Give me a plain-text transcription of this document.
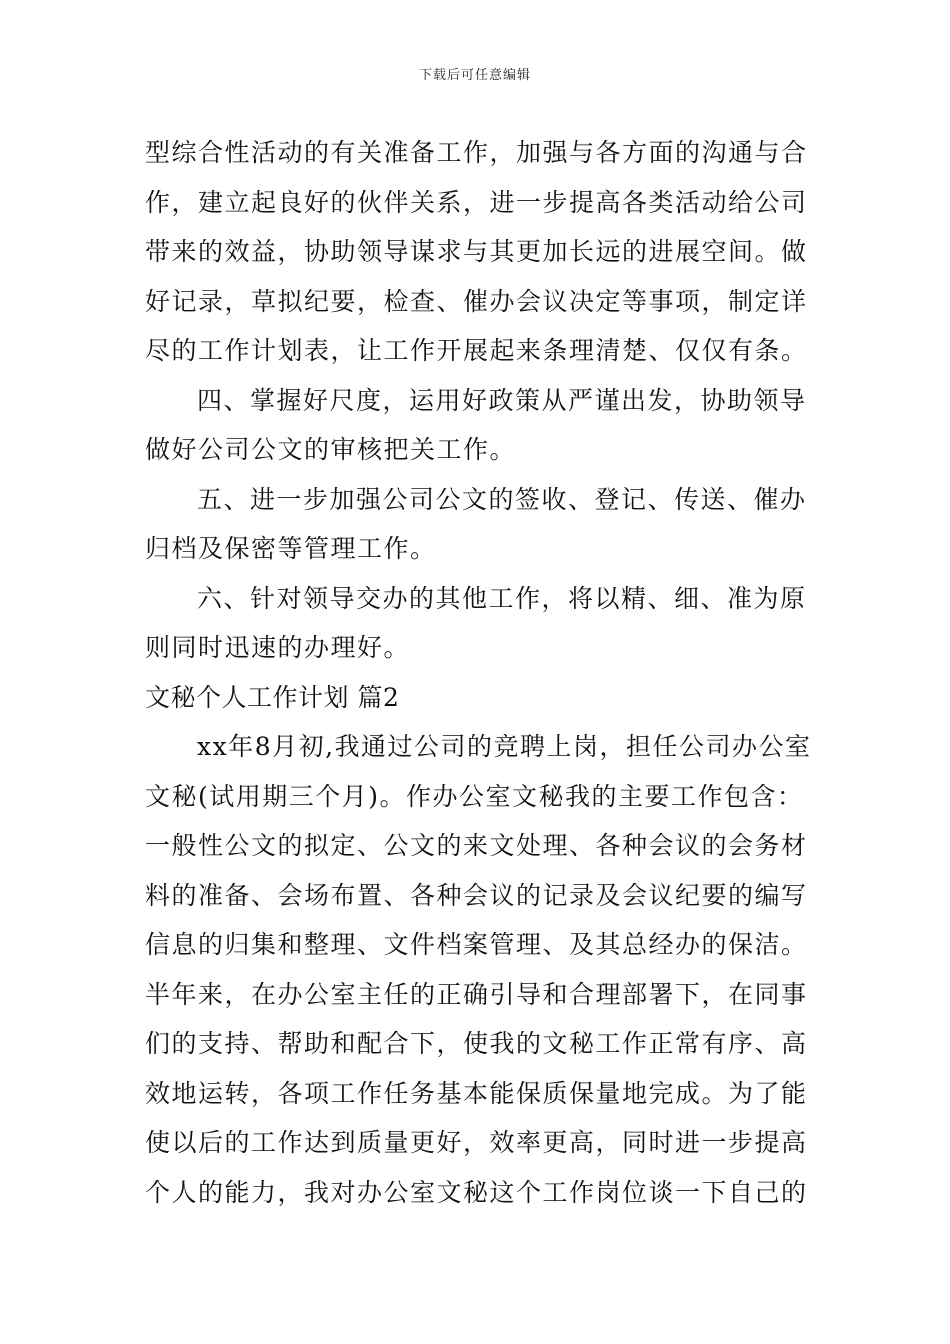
下载后可任意编辑
型综合性活动的有关准备工作，加强与各方面的沟通与合
作，建立起良好的伙伴关系，进一步提高各类活动给公司
带来的效益，协助领导谋求与其更加长远的进展空间。做
好记录，草拟纪要，检查、催办会议决定等事项，制定详
尽的工作计划表，让工作开展起来条理清楚、仅仅有条。
四、掌握好尺度，运用好政策从严谨出发，协助领导
做好公司公文的审核把关工作。
五、进一步加强公司公文的签收、登记、传送、催办
归档及保密等管理工作。
六、针对领导交办的其他工作，将以精、细、准为原
则同时迅速的办理好。
文秘个人工作计划 篇2
xx年8月初,我通过公司的竞聘上岗，担任公司办公室
文秘(试用期三个月)。作办公室文秘我的主要工作包含：
一般性公文的拟定、公文的来文处理、各种会议的会务材
料的准备、会场布置、各种会议的记录及会议纪要的编写
信息的归集和整理、文件档案管理、及其总经办的保洁。
半年来，在办公室主任的正确引导和合理部署下，在同事
们的支持、帮助和配合下，使我的文秘工作正常有序、高
效地运转，各项工作任务基本能保质保量地完成。为了能
使以后的工作达到质量更好，效率更高，同时进一步提高
个人的能力，我对办公室文秘这个工作岗位谈一下自己的
